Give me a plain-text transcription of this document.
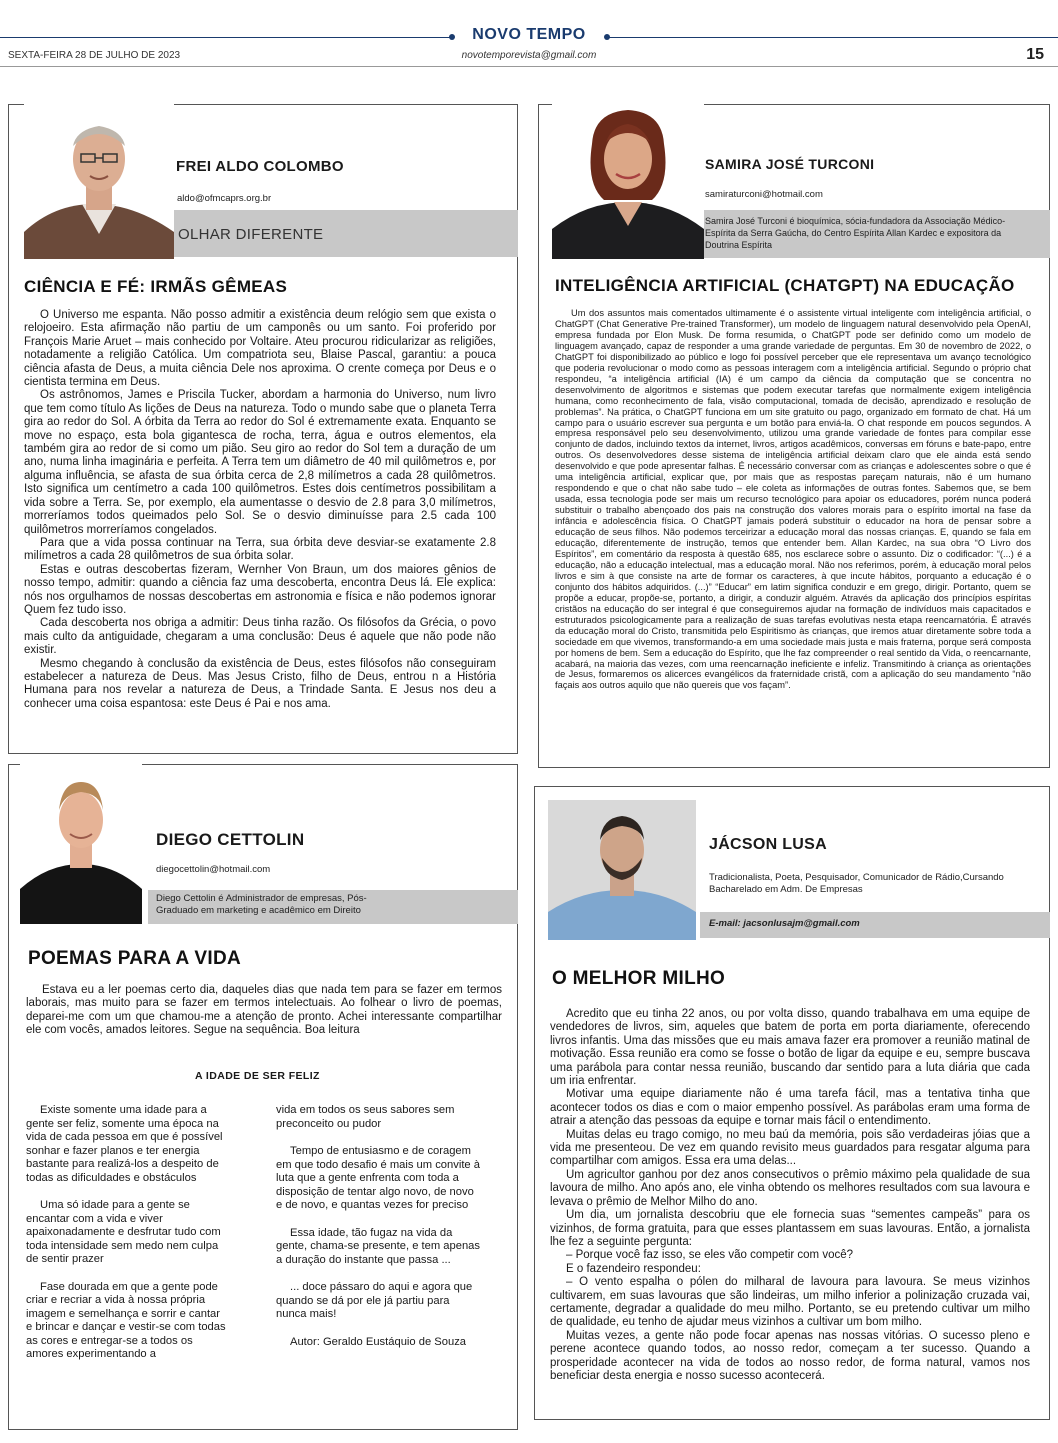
NOVO TEMPO
SEXTA-FEIRA 28 DE JULHO DE 2023	novotemporevista@gmail.com	15
FREI ALDO COLOMBO
aldo@ofmcaprs.org.br
OLHAR DIFERENTE
CIÊNCIA E FÉ: IRMÃS GÊMEAS

O Universo me espanta. Não posso admitir a existência deum relógio sem que exista o relojoeiro. Esta afirmação não partiu de um camponês ou um santo. Foi proferido por François Marie Aruet – mais conhecido por Voltaire. Ateu procurou ridicularizar as religiões, notadamente a religião Católica. Um compatriota seu, Blaise Pascal, garantiu: a pouca ciência afasta de Deus, a muita ciência Dele nos aproxima. O crente começa por Deus e o cientista termina em Deus.

Os astrônomos, James e Priscila Tucker, abordam a harmonia do Universo, num livro que tem como título As lições de Deus na natureza. Todo o mundo sabe que o planeta Terra gira ao redor do Sol. A órbita da Terra ao redor do Sol é extremamente exata. Enquanto se move no espaço, esta bola gigantesca de rocha, terra, água e outros elementos, ela também gira ao redor de si como um pião. Seu giro ao redor do Sol tem a duração de um ano, numa linha imaginária e perfeita. A Terra tem um diâmetro de 40 mil quilômetros e, por alguma influência, se afasta de sua órbita cerca de 2,8 milímetros a cada 28 quilômetros. Isto significa um centímetro a cada 100 quilômetros. Estes dois centímetros possibilitam a vida sobre a Terra. Se, por exemplo, ela aumentasse o desvio de 2.8 para 3,0 milímetros, morreríamos todos queimados pelo Sol. Se o desvio diminuísse para 2.5 cada 100 quilômetros morreríamos congelados.

Para que a vida possa continuar na Terra, sua órbita deve desviar-se exatamente 2.8 milímetros a cada 28 quilômetros de sua órbita solar.

Estas e outras descobertas fizeram, Wernher Von Braun, um dos maiores gênios de nosso tempo, admitir: quando a ciência faz uma descoberta, encontra Deus lá. Ele explica: nós nos orgulhamos de nossas descobertas em astronomia e física e não podemos ignorar Quem fez tudo isso.

Cada descoberta nos obriga a admitir: Deus tinha razão. Os filósofos da Grécia, o povo mais culto da antiguidade, chegaram a uma conclusão: Deus é aquele que não pode não existir.

Mesmo chegando à conclusão da existência de Deus, estes filósofos não conseguiram estabelecer a natureza de Deus. Mas Jesus Cristo, filho de Deus, entrou n a História Humana para nos revelar a natureza de Deus, a Trindade Santa. E Jesus nos deu a conhecer uma coisa espantosa: este Deus é Pai e nos ama.

SAMIRA JOSÉ TURCONI
samiraturconi@hotmail.com
Samira José Turconi é bioquímica, sócia-fundadora da Associação Médico-Espírita da Serra Gaúcha, do Centro Espírita Allan Kardec e expositora da Doutrina Espírita
INTELIGÊNCIA ARTIFICIAL (CHATGPT) NA EDUCAÇÃO

Um dos assuntos mais comentados ultimamente é o assistente virtual inteligente com inteligência artificial, o ChatGPT (Chat Generative Pre-trained Transformer), um modelo de linguagem natural desenvolvido pela OpenAI, empresa fundada por Elon Musk. De forma resumida, o ChatGPT pode ser definido como um modelo de linguagem avançado, capaz de responder a uma grande variedade de perguntas. Em 30 de novembro de 2022, o ChatGPT foi disponibilizado ao público e logo foi possível perceber que ele representava um avanço tecnológico que poderia revolucionar o modo como as pessoas interagem com a inteligência artificial. Segundo o próprio chat respondeu, “a inteligência artificial (IA) é um campo da ciência da computação que se concentra no desenvolvimento de algoritmos e sistemas que podem executar tarefas que normalmente exigem inteligência humana, como reconhecimento de fala, visão computacional, tomada de decisão, aprendizado e resolução de problemas”. Na prática, o ChatGPT funciona em um site gratuito ou pago, organizado em formato de chat. Há um campo para o usuário escrever sua pergunta e um botão para enviá-la. O chat responde em poucos segundos. A empresa responsável pelo seu desenvolvimento, utilizou uma grande variedade de fontes para compilar esse conjunto de dados, incluindo textos da internet, livros, artigos acadêmicos, conversas em fóruns e bate-papo, entre outros. Os desenvolvedores desse sistema de inteligência artificial deixam claro que ele ainda está sendo desenvolvido e que pode apresentar falhas. É necessário conversar com as crianças e adolescentes sobre o que é uma inteligência artificial, explicar que, por mais que as respostas pareçam naturais, não é um humano respondendo e que o chat não sabe tudo – ele coleta as informações de outras fontes. Sabemos que, se bem usada, essa tecnologia pode ser mais um recurso tecnológico para apoiar os educadores, porém nunca poderá substituir o trabalho abençoado dos pais na construção dos valores morais para o espírito imortal na fase da infância e adolescência física. O ChatGPT jamais poderá substituir o educador na hora de pensar sobre a educação de seus filhos. Não podemos terceirizar a educação moral das nossas crianças. E, quando se fala em educação, diferentemente de instrução, temos que entender bem. Allan Kardec, na sua obra “O Livro dos Espíritos”, em comentário da resposta à questão 685, nos esclarece sobre o assunto. Diz o codificador: “(...) é a educação, não a educação intelectual, mas a educação moral. Não nos referimos, porém, à educação moral pelos livros e sim à que consiste na arte de formar os caracteres, à que incute hábitos, porquanto a educação é o conjunto dos hábitos adquiridos. (...)” “Educar” em latim significa conduzir e em grego, dirigir. Portanto, quem se propõe a educar, propõe-se, portanto, a dirigir, a conduzir alguém. Através da aplicação dos princípios espíritas cristãos na educação do ser integral é que conseguiremos ajudar na formação de indivíduos mais capacitados e estruturados psicologicamente para a realização de suas tarefas evolutivas nesta etapa reencarnatória. É através da educação moral do Cristo, transmitida pelo Espiritismo às crianças, que iremos atuar diretamente sobre toda a sociedade em que vivemos, transformando-a em uma sociedade mais justa e mais fraterna, porque será composta por homens de bem. Sem a educação do Espírito, que lhe faz compreender o real sentido da Vida, o reencarnante, acabará, na maioria das vezes, com uma reencarnação ineficiente e infeliz. Transmitindo à criança as orientações de Jesus, formaremos os alicerces evangélicos da fraternidade cristã, com a aplicação do seu mandamento “não façais aos outros aquilo que não quereis que vos façam”.

DIEGO CETTOLIN
diegocettolin@hotmail.com
Diego Cettolin é Administrador de empresas, Pós-Graduado em marketing e acadêmico em Direito
POEMAS PARA A VIDA

Estava eu a ler poemas certo dia, daqueles dias que nada tem para se fazer em termos laborais, mas muito para se fazer em termos intelectuais. Ao folhear o livro de poemas, deparei-me com um que chamou-me a atenção de pronto. Achei interessante compartilhar ele com vocês, amados leitores. Segue na sequência. Boa leitura

A IDADE DE SER FELIZ

Existe somente uma idade para a gente ser feliz, somente uma época na vida de cada pessoa em que é possível sonhar e fazer planos e ter energia bastante para realizá-los a despeito de todas as dificuldades e obstáculos

Uma só idade para a gente se encantar com a vida e viver apaixonadamente e desfrutar tudo com toda intensidade sem medo nem culpa de sentir prazer

Fase dourada em que a gente pode criar e recriar a vida à nossa própria imagem e semelhança e sorrir e cantar e brincar e dançar e vestir-se com todas as cores e entregar-se a todos os amores experimentando a

vida em todos os seus sabores sem preconceito ou pudor

Tempo de entusiasmo e de coragem em que todo desafio é mais um convite à luta que a gente enfrenta com toda a disposição de tentar algo novo, de novo e de novo, e quantas vezes for preciso

Essa idade, tão fugaz na vida da gente, chama-se presente, e tem apenas a duração do instante que passa ...

... doce pássaro do aqui e agora que quando se dá por ele já partiu para nunca mais!

Autor: Geraldo Eustáquio de Souza

JÁCSON LUSA
Tradicionalista, Poeta, Pesquisador, Comunicador de Rádio,Cursando Bacharelado em Adm. De Empresas
E-mail: jacsonlusajm@gmail.com
O MELHOR MILHO

Acredito que eu tinha 22 anos, ou por volta disso, quando trabalhava em uma equipe de vendedores de livros, sim, aqueles que batem de porta em porta diariamente, oferecendo livros infantis. Uma das missões que eu mais amava fazer era promover a reunião matinal de motivação. Essa reunião era como se fosse o botão de ligar da equipe e eu, sempre buscava uma parábola para contar nessa reunião, buscando dar sentido para a luta diária que cada um iria enfrentar.

Motivar uma equipe diariamente não é uma tarefa fácil, mas a tentativa tinha que acontecer todos os dias e com o maior empenho possível. As parábolas eram uma forma de atrair a atenção das pessoas da equipe e tornar mais fácil o entendimento.

Muitas delas eu trago comigo, no meu baú da memória, pois são verdadeiras jóias que a vida me presenteou. De vez em quando revisito meus guardados para resgatar alguma para compartilhar com amigos. Essa era uma delas...

Um agricultor ganhou por dez anos consecutivos o prêmio máximo pela qualidade de sua lavoura de milho. Ano após ano, ele vinha obtendo os melhores resultados com sua lavoura e levava o prêmio de Melhor Milho do ano.

Um dia, um jornalista descobriu que ele fornecia suas “sementes campeãs” para os vizinhos, de forma gratuita, para que esses plantassem em suas lavouras. Então, a jornalista lhe fez a seguinte pergunta:

– Porque você faz isso, se eles vão competir com você?

E o fazendeiro respondeu:

– O vento espalha o pólen do milharal de lavoura para lavoura. Se meus vizinhos cultivarem, em suas lavouras que são lindeiras, um milho inferior a polinização cruzada vai, certamente, degradar a qualidade do meu milho. Portanto, se eu pretendo cultivar um milho de qualidade, eu tenho de ajudar meus vizinhos a cultivar um bom milho.

Muitas vezes, a gente não pode focar apenas nas nossas vitórias. O sucesso pleno e perene acontece quando todos, ao nosso redor, começam a ter sucesso. Quando a prosperidade acontecer na vida de todos ao nosso redor, de forma natural, vamos nos beneficiar desta energia e nosso sucesso acontecerá.
